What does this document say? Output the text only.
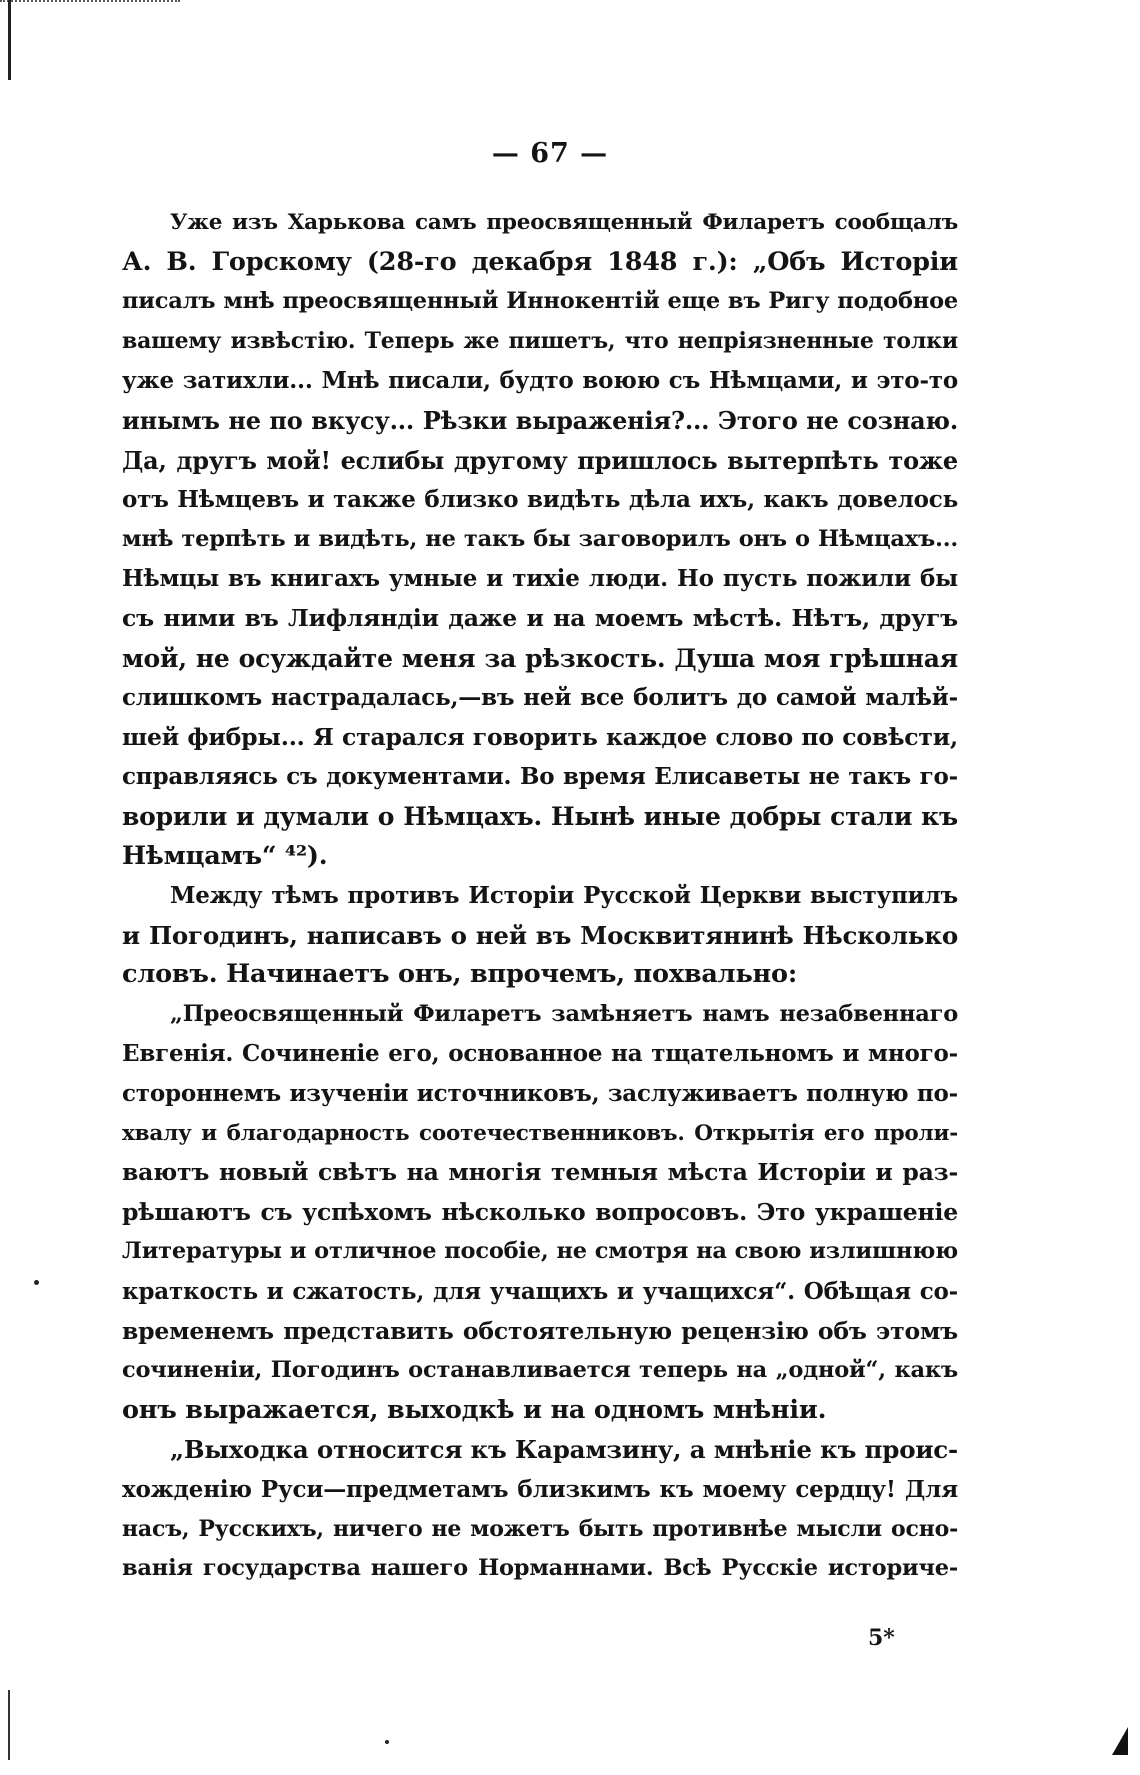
— 67 —
Уже изъ Харькова самъ преосвященный Филаретъ сообщалъ
А. В. Горскому (28-го декабря 1848 г.): „Объ Исторіи
писалъ мнѣ преосвященный Иннокентій еще въ Ригу подобное
вашему извѣстію. Теперь же пишетъ, что непріязненные толки
уже затихли... Мнѣ писали, будто воюю съ Нѣмцами, и это-то
инымъ не по вкусу... Рѣзки выраженія?... Этого не сознаю.
Да, другъ мой! еслибы другому пришлось вытерпѣть тоже
отъ Нѣмцевъ и также близко видѣть дѣла ихъ, какъ довелось
мнѣ терпѣть и видѣть, не такъ бы заговорилъ онъ о Нѣмцахъ...
Нѣмцы въ книгахъ умные и тихіе люди. Но пусть пожили бы
съ ними въ Лифляндіи даже и на моемъ мѣстѣ. Нѣтъ, другъ
мой, не осуждайте меня за рѣзкость. Душа моя грѣшная
слишкомъ настрадалась,—въ ней все болитъ до самой малѣй-
шей фибры... Я старался говорить каждое слово по совѣсти,
справляясь съ документами. Во время Елисаветы не такъ го-
ворили и думали о Нѣмцахъ. Нынѣ иные добры стали къ
Нѣмцамъ“ ⁴²).
Между тѣмъ противъ Исторіи Русской Церкви выступилъ
и Погодинъ, написавъ о ней въ Москвитянинѣ Нѣсколько
словъ. Начинаетъ онъ, впрочемъ, похвально:
„Преосвященный Филаретъ замѣняетъ намъ незабвеннаго
Евгенія. Сочиненіе его, основанное на тщательномъ и много-
стороннемъ изученіи источниковъ, заслуживаетъ полную по-
хвалу и благодарность соотечественниковъ. Открытія его проли-
ваютъ новый свѣтъ на многія темныя мѣста Исторіи и раз-
рѣшаютъ съ успѣхомъ нѣсколько вопросовъ. Это украшеніе
Литературы и отличное пособіе, не смотря на свою излишнюю
краткость и сжатость, для учащихъ и учащихся“. Обѣщая со-
временемъ представить обстоятельную рецензію объ этомъ
сочиненіи, Погодинъ останавливается теперь на „одной“, какъ
онъ выражается, выходкѣ и на одномъ мнѣніи.
„Выходка относится къ Карамзину, а мнѣніе къ проис-
хожденію Руси—предметамъ близкимъ къ моему сердцу! Для
насъ, Русскихъ, ничего не можетъ быть противнѣе мысли осно-
ванія государства нашего Норманнами. Всѣ Русскіе историче-
5*
